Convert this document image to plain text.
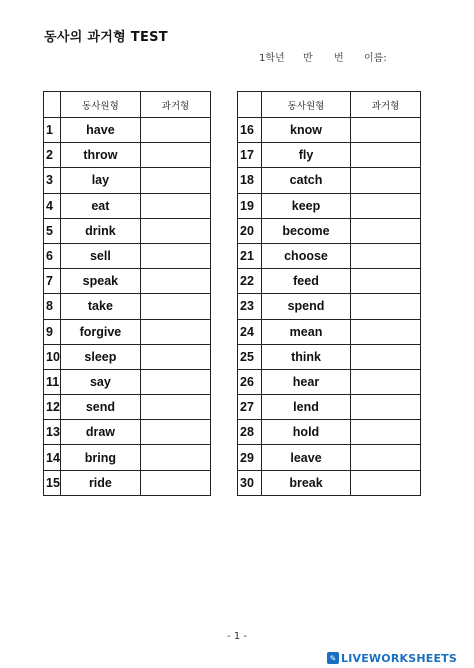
동사의 과거형 TEST
1학년 반 번 이름:
	동사원형	과거형
1	have	
2	throw	
3	lay	
4	eat	
5	drink	
6	sell	
7	speak	
8	take	
9	forgive	
10	sleep	
11	say	
12	send	
13	draw	
14	bring	
15	ride	
	동사원형	과거형
16	know	
17	fly	
18	catch	
19	keep	
20	become	
21	choose	
22	feed	
23	spend	
24	mean	
25	think	
26	hear	
27	lend	
28	hold	
29	leave	
30	break	
- 1 -
✎ LIVEWORKSHEETS
